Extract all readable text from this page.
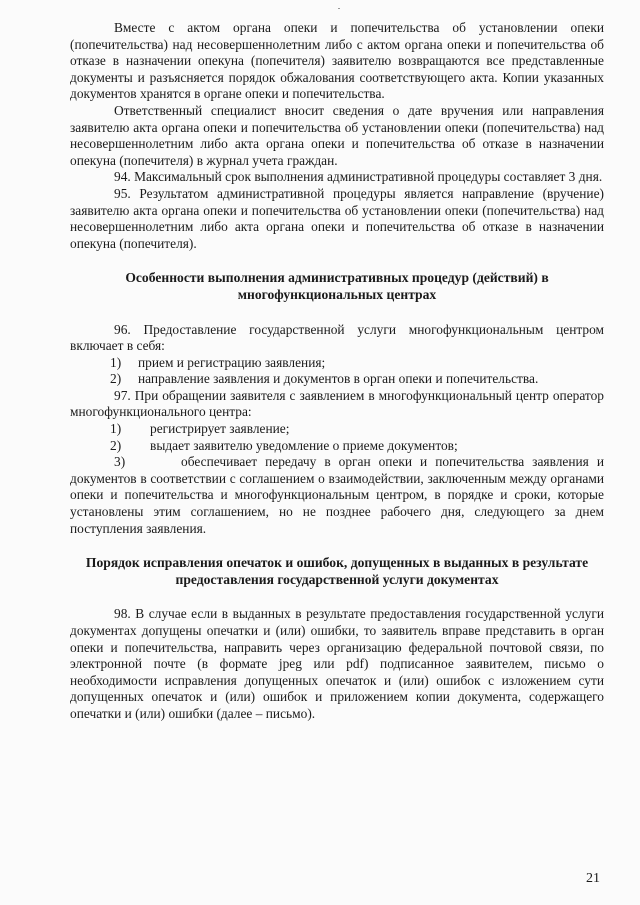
Вместе с актом органа опеки и попечительства об установлении опеки (попечительства) над несовершеннолетним либо с актом органа опеки и попечительства об отказе в назначении опекуна (попечителя) заявителю возвращаются все представленные документы и разъясняется порядок обжалования соответствующего акта. Копии указанных документов хранятся в органе опеки и попечительства.

Ответственный специалист вносит сведения о дате вручения или направления заявителю акта органа опеки и попечительства об установлении опеки (попечительства) над несовершеннолетним либо акта органа опеки и попечительства об отказе в назначении опекуна (попечителя) в журнал учета граждан.

94. Максимальный срок выполнения административной процедуры составляет 3 дня.

95. Результатом административной процедуры является направление (вручение) заявителю акта органа опеки и попечительства об установлении опеки (попечительства) над несовершеннолетним либо акта органа опеки и попечительства об отказе в назначении опекуна (попечителя).

Особенности выполнения административных процедур (действий) в многофункциональных центрах

96. Предоставление государственной услуги многофункциональным центром включает в себя:

1)	прием и регистрацию заявления;
2)	направление заявления и документов в орган опеки и попечительства.

97. При обращении заявителя с заявлением в многофункциональный центр оператор многофункционального центра:

1)	регистрирует заявление;
2)	выдает заявителю уведомление о приеме документов;

3)       обеспечивает передачу в орган опеки и попечительства заявления и документов в соответствии с соглашением о взаимодействии, заключенным между органами опеки и попечительства и многофункциональным центром, в порядке и сроки, которые установлены этим соглашением, но не позднее рабочего дня, следующего за днем поступления заявления.

Порядок исправления опечаток и ошибок, допущенных в выданных в результате предоставления государственной услуги документах

98. В случае если в выданных в результате предоставления государственной услуги документах допущены опечатки и (или) ошибки, то заявитель вправе представить в орган опеки и попечительства, направить через организацию федеральной почтовой связи, по электронной почте (в формате jpeg или pdf) подписанное заявителем, письмо о необходимости исправления допущенных опечаток и (или) ошибок с изложением сути допущенных опечаток и (или) ошибок и приложением копии документа, содержащего опечатки и (или) ошибки (далее – письмо).

21
